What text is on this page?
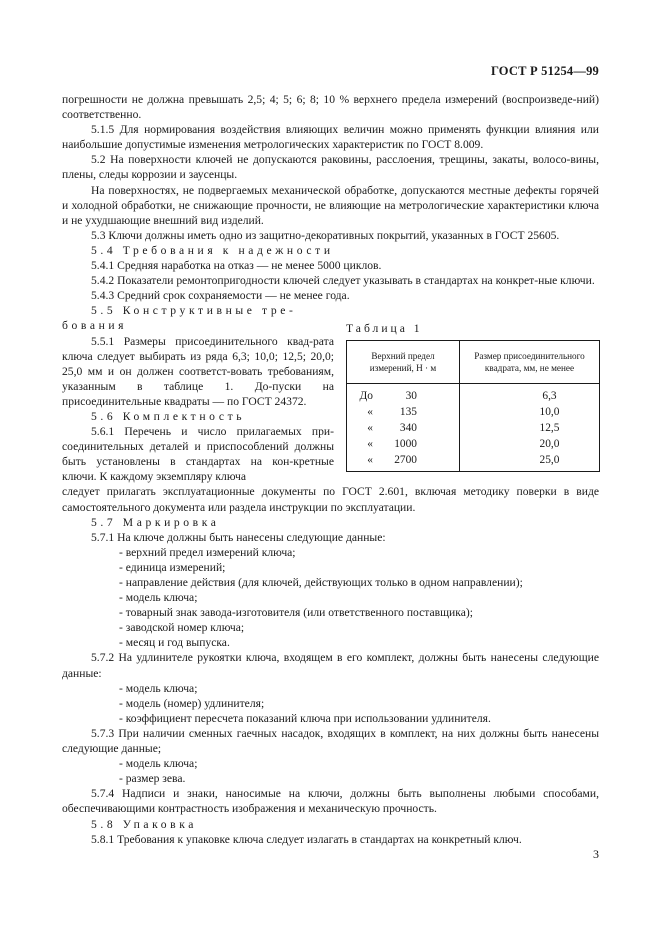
ГОСТ Р 51254—99

погрешности не должна превышать 2,5; 4; 5; 6; 8; 10 % верхнего предела измерений (воспроизведе-ний) соответственно.

5.1.5 Для нормирования воздействия влияющих величин можно применять функции влияния или наибольшие допустимые изменения метрологических характеристик по ГОСТ 8.009.

5.2 На поверхности ключей не допускаются раковины, расслоения, трещины, закаты, волосо-вины, плены, следы коррозии и заусенцы.

На поверхностях, не подвергаемых механической обработке, допускаются местные дефекты горячей и холодной обработки, не снижающие прочности, не влияющие на метрологические характеристики ключа и не ухудшающие внешний вид изделий.

5.3 Ключи должны иметь одно из защитно-декоративных покрытий, указанных в ГОСТ 25605.

5.4 Требования к надежности

5.4.1 Средняя наработка на отказ — не менее 5000 циклов.

5.4.2 Показатели ремонтопригодности ключей следует указывать в стандартах на конкрет-ные ключи.

5.4.3 Средний срок сохраняемости — не менее года.

5.5 Конструктивные тре-

бования

5.5.1 Размеры присоединительного квад-рата ключа следует выбирать из ряда 6,3; 10,0; 12,5; 20,0; 25,0 мм и он должен соответст-вовать требованиям, указанным в таблице 1. До-пуски на присоединительные квадраты — по ГОСТ 24372.

5.6 Комплектность

5.6.1 Перечень и число прилагаемых при-соединительных деталей и приспособлений должны быть установлены в стандартах на кон-кретные ключи. К каждому экземпляру ключа

следует прилагать эксплуатационные документы по ГОСТ 2.601, включая методику поверки в виде самостоятельного документа или раздела инструкции по эксплуатации.

5.7 Маркировка

5.7.1 На ключе должны быть нанесены следующие данные:

- верхний предел измерений ключа;

- единица измерений;

- направление действия (для ключей, действующих только в одном направлении);

- модель ключа;

- товарный знак завода-изготовителя (или ответственного поставщика);

- заводской номер ключа;

- месяц и год выпуска.

5.7.2 На удлинителе рукоятки ключа, входящем в его комплект, должны быть нанесены следующие данные:

- модель ключа;

- модель (номер) удлинителя;

- коэффициент пересчета показаний ключа при использовании удлинителя.

5.7.3 При наличии сменных гаечных насадок, входящих в комплект, на них должны быть нанесены следующие данные;

- модель ключа;

- размер зева.

5.7.4 Надписи и знаки, наносимые на ключи, должны быть выполнены любыми способами, обеспечивающими контрастность изображения и механическую прочность.

5.8 Упаковка

5.8.1 Требования к упаковке ключа следует излагать в стандартах на конкретный ключ.

Таблица 1
Верхний предел измерений, Н · м	Размер присоединительного квадрата, мм, не менее
До 30	6,3
« 135	10,0
« 340	12,5
« 1000	20,0
« 2700	25,0
3
